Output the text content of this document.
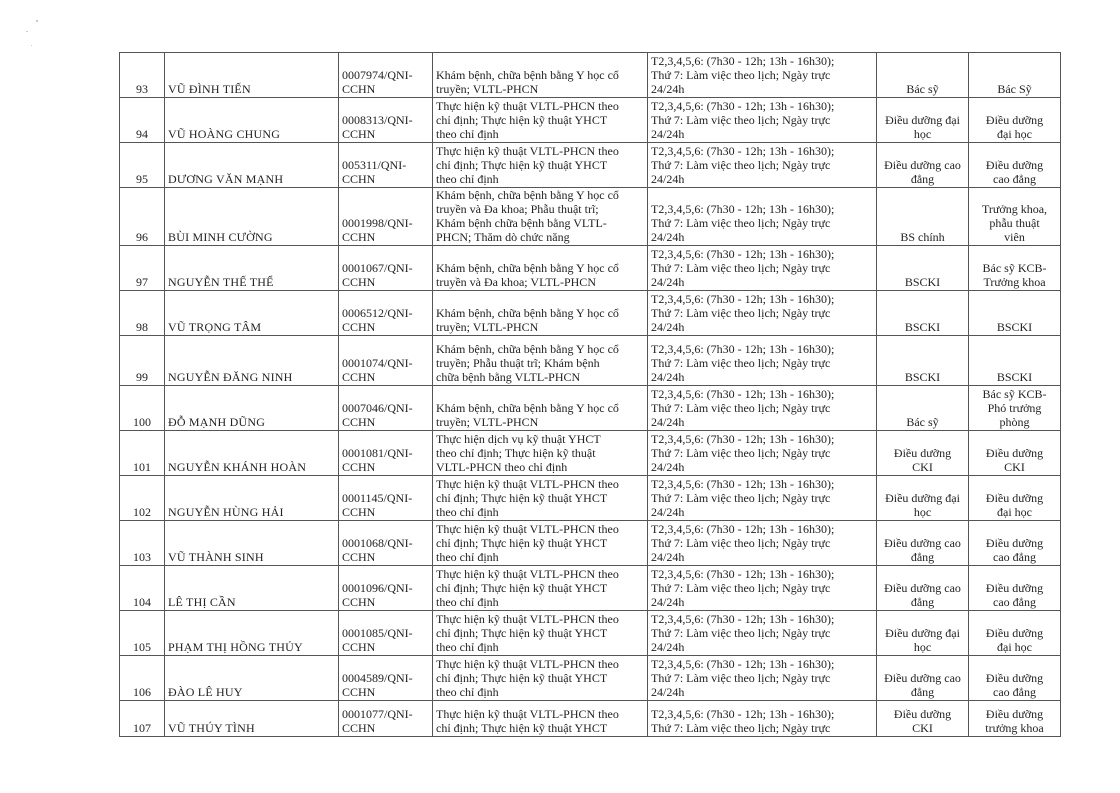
93	VŨ ĐÌNH TIẾN	0007974/QNI-
CCHN	Khám bệnh, chữa bệnh bằng Y học cổ
truyền; VLTL-PHCN	T2,3,4,5,6: (7h30 - 12h; 13h - 16h30);
Thứ 7: Làm việc theo lịch; Ngày trực
24/24h	Bác sỹ	Bác Sỹ
94	VŨ HOÀNG CHUNG	0008313/QNI-
CCHN	Thực hiện kỹ thuật VLTL-PHCN theo
chỉ định; Thực hiện kỹ thuật YHCT
theo chỉ định	T2,3,4,5,6: (7h30 - 12h; 13h - 16h30);
Thứ 7: Làm việc theo lịch; Ngày trực
24/24h	Điều dưỡng đại
học	Điều dưỡng
đại học
95	DƯƠNG VĂN MẠNH	005311/QNI-
CCHN	Thực hiện kỹ thuật VLTL-PHCN theo
chỉ định; Thực hiện kỹ thuật YHCT
theo chỉ định	T2,3,4,5,6: (7h30 - 12h; 13h - 16h30);
Thứ 7: Làm việc theo lịch; Ngày trực
24/24h	Điều dưỡng cao
đẳng	Điều dưỡng
cao đẳng
96	BÙI MINH CƯỜNG	0001998/QNI-
CCHN	Khám bệnh, chữa bệnh bằng Y học cổ
truyền và Đa khoa; Phẫu thuật trĩ;
Khám bệnh chữa bệnh bằng VLTL-
PHCN; Thăm dò chức năng	T2,3,4,5,6: (7h30 - 12h; 13h - 16h30);
Thứ 7: Làm việc theo lịch; Ngày trực
24/24h	BS chính	Trưởng khoa,
phẫu thuật
viên
97	NGUYỄN THẾ THỂ	0001067/QNI-
CCHN	Khám bệnh, chữa bệnh bằng Y học cổ
truyền và Đa khoa; VLTL-PHCN	T2,3,4,5,6: (7h30 - 12h; 13h - 16h30);
Thứ 7: Làm việc theo lịch; Ngày trực
24/24h	BSCKI	Bác sỹ KCB-
Trưởng khoa
98	VŨ TRỌNG TÂM	0006512/QNI-
CCHN	Khám bệnh, chữa bệnh bằng Y học cổ
truyền; VLTL-PHCN	T2,3,4,5,6: (7h30 - 12h; 13h - 16h30);
Thứ 7: Làm việc theo lịch; Ngày trực
24/24h	BSCKI	BSCKI
99	NGUYỄN ĐĂNG NINH	0001074/QNI-
CCHN	Khám bệnh, chữa bệnh bằng Y học cổ
truyền; Phẫu thuật trĩ; Khám bệnh
chữa bệnh bằng VLTL-PHCN	T2,3,4,5,6: (7h30 - 12h; 13h - 16h30);
Thứ 7: Làm việc theo lịch; Ngày trực
24/24h	BSCKI	BSCKI
100	ĐỖ MẠNH DŨNG	0007046/QNI-
CCHN	Khám bệnh, chữa bệnh bằng Y học cổ
truyền; VLTL-PHCN	T2,3,4,5,6: (7h30 - 12h; 13h - 16h30);
Thứ 7: Làm việc theo lịch; Ngày trực
24/24h	Bác sỹ	Bác sỹ KCB-
Phó trưởng
phòng
101	NGUYỄN KHÁNH HOÀN	0001081/QNI-
CCHN	Thực hiện dịch vụ kỹ thuật YHCT
theo chỉ định; Thực hiện kỹ thuật
VLTL-PHCN theo chỉ định	T2,3,4,5,6: (7h30 - 12h; 13h - 16h30);
Thứ 7: Làm việc theo lịch; Ngày trực
24/24h	Điều dưỡng
CKI	Điều dưỡng
CKI
102	NGUYỄN HÙNG HẢI	0001145/QNI-
CCHN	Thực hiện kỹ thuật VLTL-PHCN theo
chỉ định; Thực hiện kỹ thuật YHCT
theo chỉ định	T2,3,4,5,6: (7h30 - 12h; 13h - 16h30);
Thứ 7: Làm việc theo lịch; Ngày trực
24/24h	Điều dưỡng đại
học	Điều dưỡng
đại học
103	VŨ THÀNH SINH	0001068/QNI-
CCHN	Thực hiện kỹ thuật VLTL-PHCN theo
chỉ định; Thực hiện kỹ thuật YHCT
theo chỉ định	T2,3,4,5,6: (7h30 - 12h; 13h - 16h30);
Thứ 7: Làm việc theo lịch; Ngày trực
24/24h	Điều dưỡng cao
đẳng	Điều dưỡng
cao đẳng
104	LÊ THỊ CẦN	0001096/QNI-
CCHN	Thực hiện kỹ thuật VLTL-PHCN theo
chỉ định; Thực hiện kỹ thuật YHCT
theo chỉ định	T2,3,4,5,6: (7h30 - 12h; 13h - 16h30);
Thứ 7: Làm việc theo lịch; Ngày trực
24/24h	Điều dưỡng cao
đẳng	Điều dưỡng
cao đẳng
105	PHẠM THỊ HỒNG THỦY	0001085/QNI-
CCHN	Thực hiện kỹ thuật VLTL-PHCN theo
chỉ định; Thực hiện kỹ thuật YHCT
theo chỉ định	T2,3,4,5,6: (7h30 - 12h; 13h - 16h30);
Thứ 7: Làm việc theo lịch; Ngày trực
24/24h	Điều dưỡng đại
học	Điều dưỡng
đại học
106	ĐÀO LÊ HUY	0004589/QNI-
CCHN	Thực hiện kỹ thuật VLTL-PHCN theo
chỉ định; Thực hiện kỹ thuật YHCT
theo chỉ định	T2,3,4,5,6: (7h30 - 12h; 13h - 16h30);
Thứ 7: Làm việc theo lịch; Ngày trực
24/24h	Điều dưỡng cao
đẳng	Điều dưỡng
cao đẳng
107	VŨ THÚY TÌNH	0001077/QNI-
CCHN	Thực hiện kỹ thuật VLTL-PHCN theo
chỉ định; Thực hiện kỹ thuật YHCT	T2,3,4,5,6: (7h30 - 12h; 13h - 16h30);
Thứ 7: Làm việc theo lịch; Ngày trực	Điều dưỡng
CKI	Điều dưỡng
trưởng khoa
